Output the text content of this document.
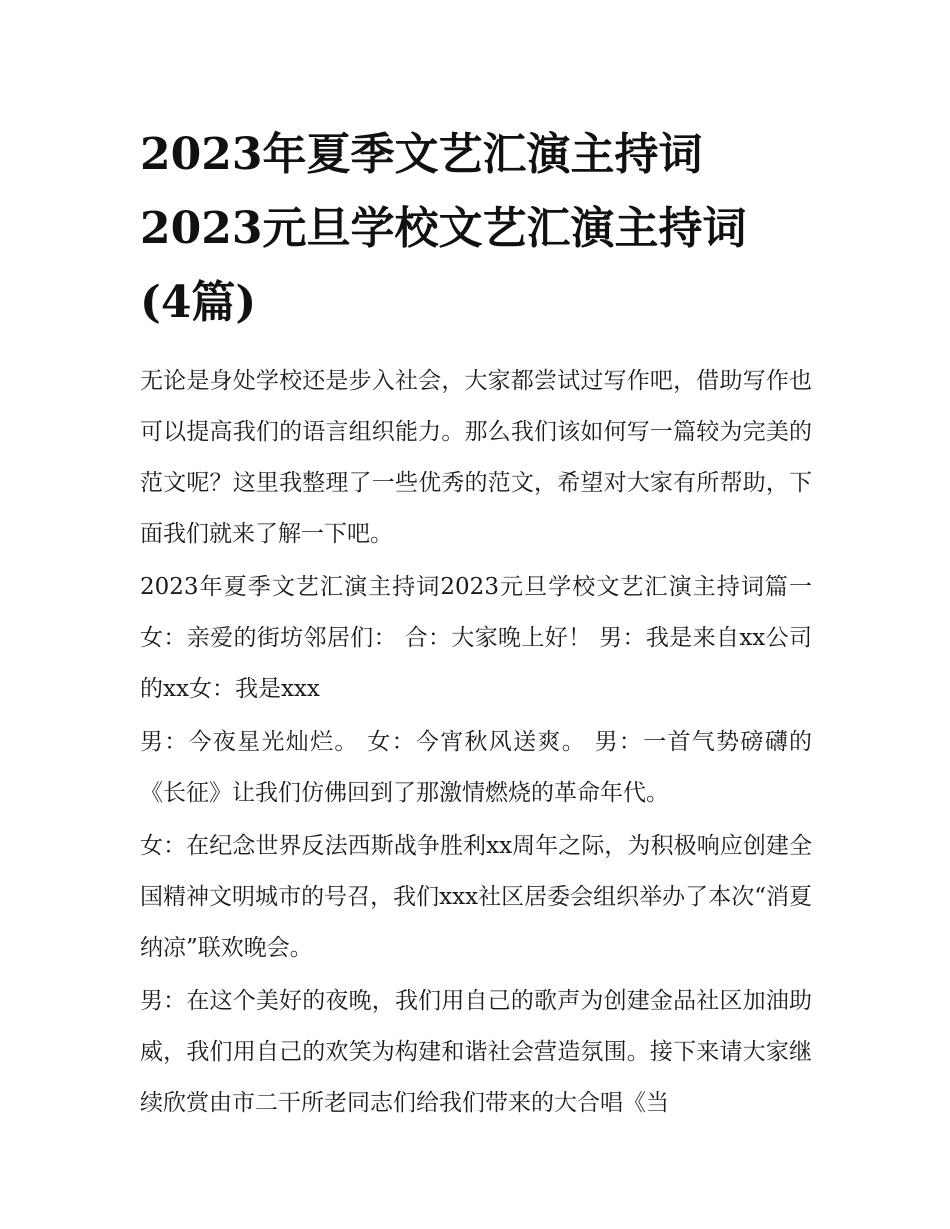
2023年夏季文艺汇演主持词
2023元旦学校文艺汇演主持词
(4篇)

无论是身处学校还是步入社会，大家都尝试过写作吧，借助写作也可以提高我们的语言组织能力。那么我们该如何写一篇较为完美的范文呢？这里我整理了一些优秀的范文，希望对大家有所帮助，下面我们就来了解一下吧。

2023年夏季文艺汇演主持词2023元旦学校文艺汇演主持词篇一 女：亲爱的街坊邻居们： 合：大家晚上好！ 男：我是来自xx公司的xx女：我是xxx

男：今夜星光灿烂。 女：今宵秋风送爽。 男：一首气势磅礴的《长征》让我们仿佛回到了那激情燃烧的革命年代。

女：在纪念世界反法西斯战争胜利xx周年之际，为积极响应创建全国精神文明城市的号召，我们xxx社区居委会组织举办了本次“消夏纳凉”联欢晚会。

男：在这个美好的夜晚，我们用自己的歌声为创建金品社区加油助威，我们用自己的欢笑为构建和谐社会营造氛围。接下来请大家继续欣赏由市二干所老同志们给我们带来的大合唱《当
